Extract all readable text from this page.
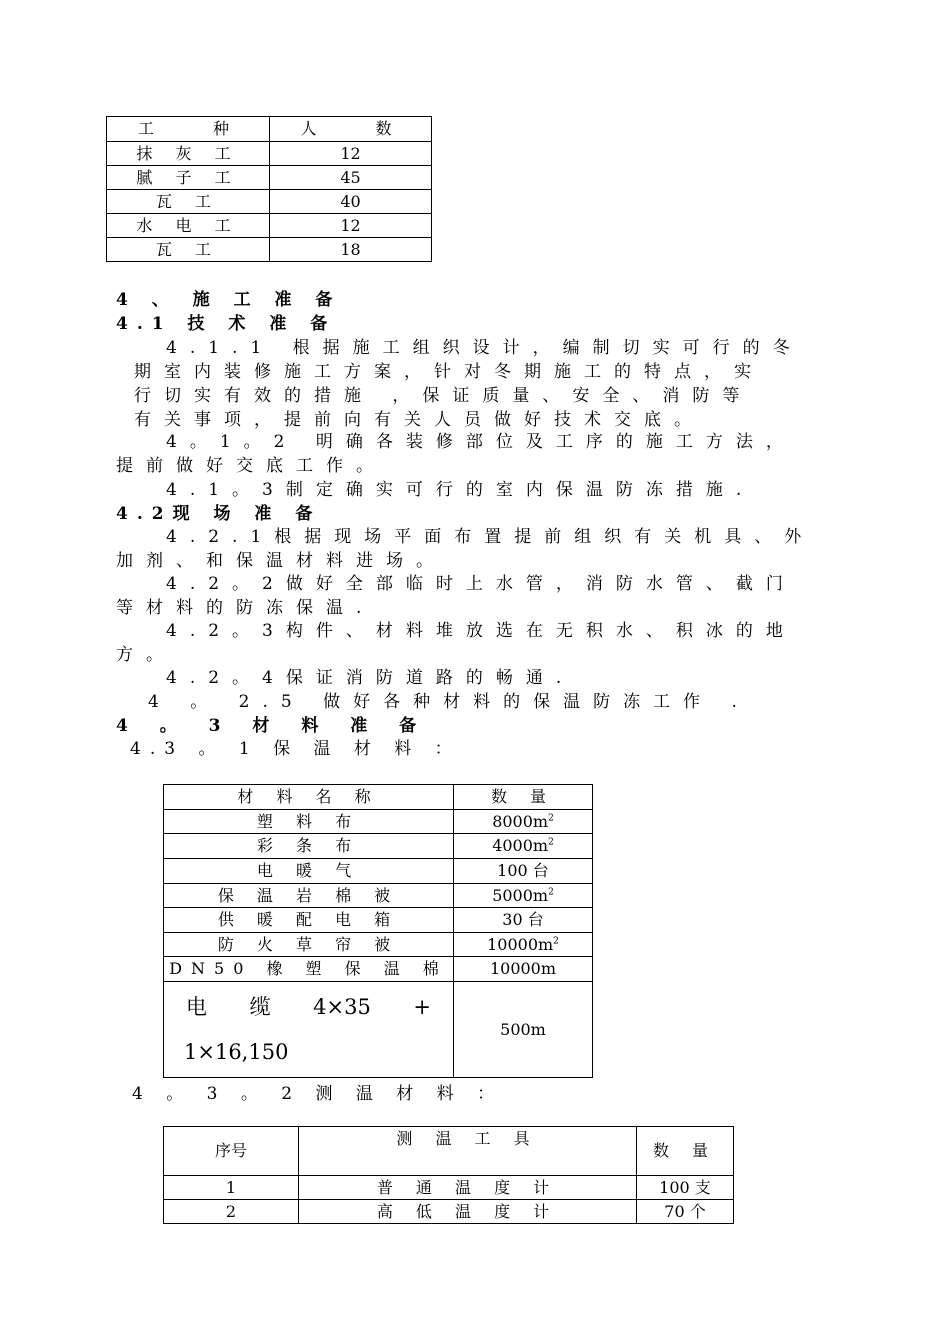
工　　种	人　　数
抹 灰 工	12
腻 子 工	45
瓦 工	40
水 电 工	12
瓦 工	18
4 、 施 工 准 备
4.1 技 术 准 备
4.1.1 根据施工组织设计，编制切实可行的冬
期室内装修施工方案，针对冬期施工的特点，实
行切实有效的措施 ，保证质量、安全、消防等
有关事项，提前向有关人员做好技术交底。
4。1。2 明确各装修部位及工序的施工方法，
提前做好交底工作。
4.1。3制定确实可行的室内保温防冻措施.
4.2现 场 准 备
4.2.1根据现场平面布置提前组织有关机具、外
加剂、和保温材料进场。
4.2。2做好全部临时上水管，消防水管、截门
等材料的防冻保温.
4.2。3构件、材料堆放选在无积水、积冰的地
方。
4.2。4保证消防道路的畅通.
4 。 2.5 做好各种材料的保温防冻工作 .
4 。 3 材 料 准 备
4.3 。 1 保 温 材 料 ：
材 料 名 称	数 量
塑 料 布	$8000m^2$
彩 条 布	$4000m^2$
电 暖 气	100 台
保 温 岩 棉 被	$5000m^2$
供 暖 配 电 箱	30 台
防 火 草 帘 被	$10000m^2$
DN50 橡 塑 保 温 棉	10000m

电 缆 4×35 +
1×16,150	500m
4 。 3 。 2 测 温 材 料 ：
序号	测 温 工 具	数 量
1	普 通 温 度 计	100 支
2	高 低 温 度 计	70 个
